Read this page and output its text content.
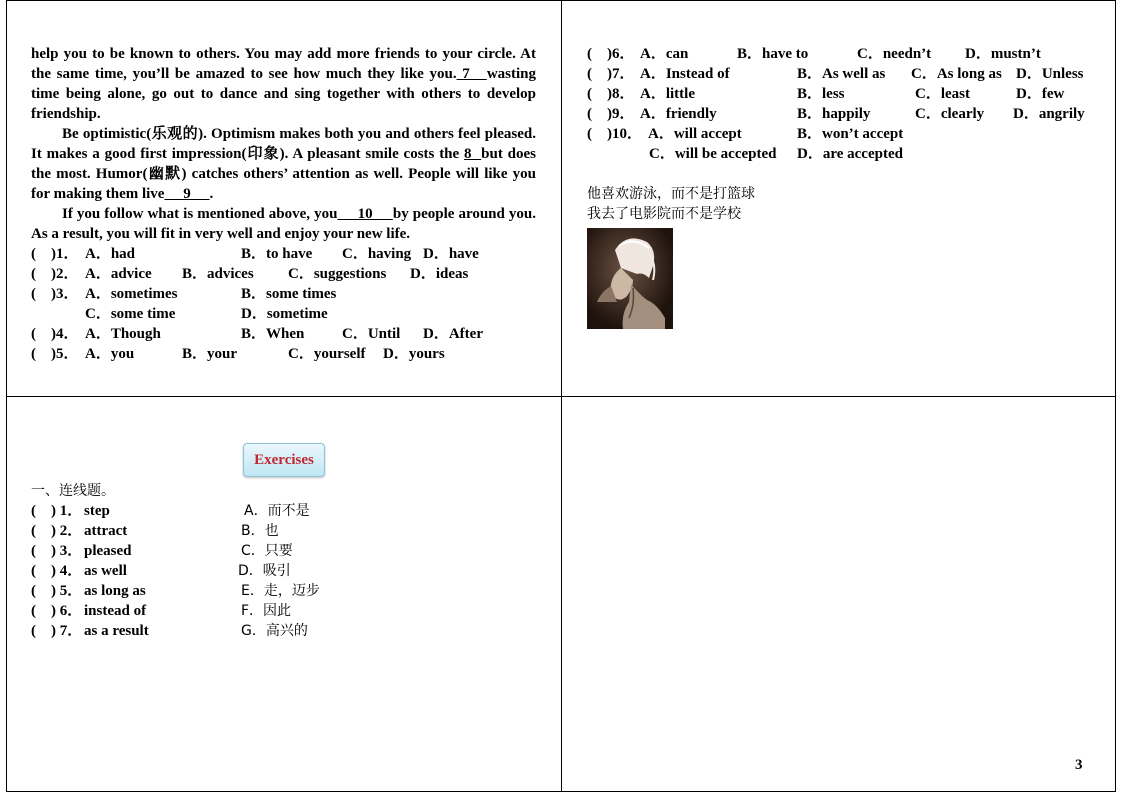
help you to be known to others. You may add more friends to your circle. At the same time, you’ll be amazed to see how much they like you. 7   wasting time being alone, go out to dance and sing together with others to develop friendship.

Be optimistic(乐观的). Optimism makes both you and others feel pleased. It makes a good first impression(印象). A pleasant smile costs the 8  but does the most. Humor(幽默) catches others’ attention as well. People will like you for making them live     9     .

If you follow what is mentioned above, you     10     by people around you. As a result, you will fit in very well and enjoy your new life.

(    )1． A．had	B．to have C．having D．have
(    )2． A．advice B．advices C．suggestions D．ideas
(    )3． A．sometimes	B．some times
C．some time	D．sometime
(    )4． A．Though	B．When	C．Until D．After
(    )5． A．you	B．your	C．yourself D．yours
(    )6． A．can	B．have to	C．needn’t D．mustn’t
(    )7． A．Instead of	B．As well as C．As long as D．Unless
(    )8． A．little	B．less	C．least	D．few
(    )9． A．friendly	B．happily	C．clearly D．angrily
(    )10． A．will accept	B．won’t accept
C．will be accepted D．are accepted
他喜欢游泳，而不是打篮球
我去了电影院而不是学校
Exercises
一、连线题。
(    ) 1． step	A．而不是
(    ) 2． attract	B．也
(    ) 3． pleased	C．只要
(    ) 4． as well	D．吸引
(    ) 5． as long as	E．走，迈步
(    ) 6． instead of	F．因此
(    ) 7． as a result	G．高兴的
3
